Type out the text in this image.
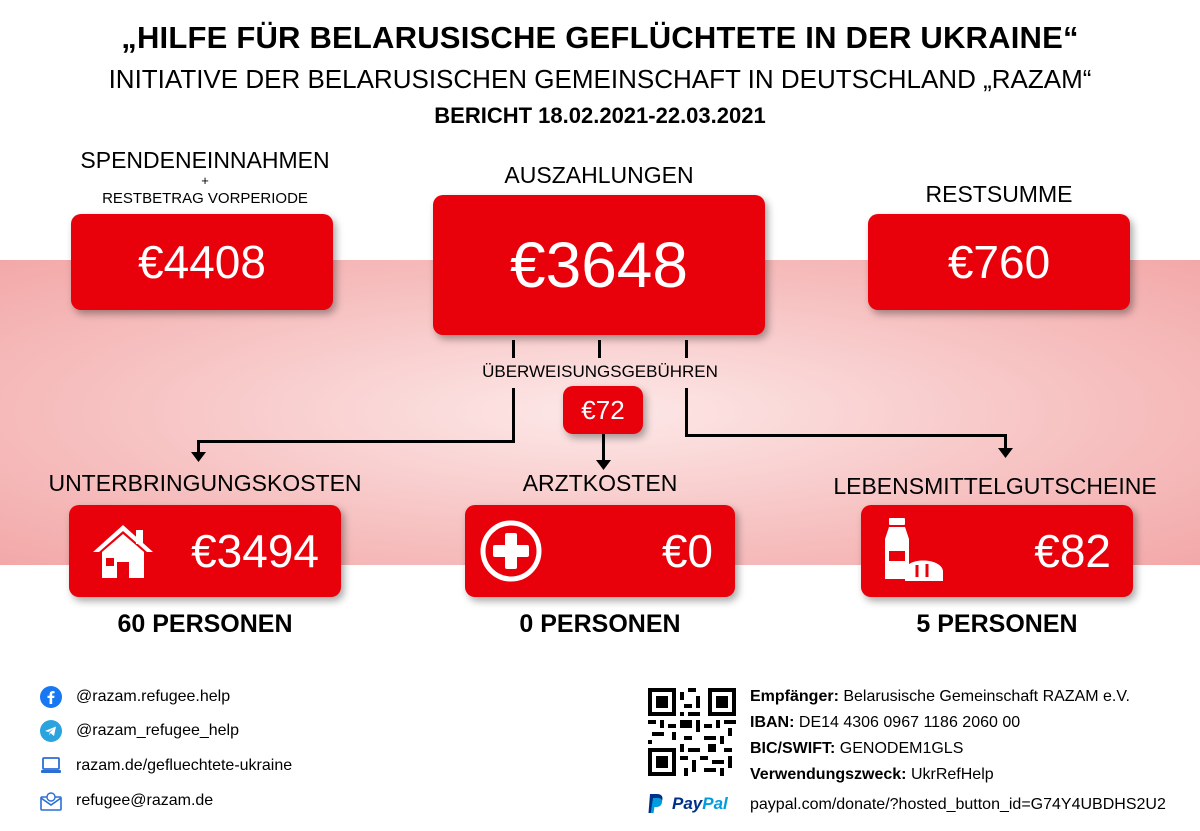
„HILFE FÜR BELARUSISCHE GEFLÜCHTETE IN DER UKRAINE“
INITIATIVE DER BELARUSISCHEN GEMEINSCHAFT IN DEUTSCHLAND „RAZAM“
BERICHT 18.02.2021-22.03.2021
SPENDENEINNAHMEN
+
RESTBETRAG VORPERIODE
€4408
AUSZAHLUNGEN
€3648
RESTSUMME
€760
ÜBERWEISUNGSGEBÜHREN
€72
UNTERBRINGUNGSKOSTEN
€3494
60 PERSONEN
ARZTKOSTEN
€0
0 PERSONEN
LEBENSMITTELGUTSCHEINE
€82
5 PERSONEN
@razam.refugee.help
@razam_refugee_help
razam.de/gefluechtete-ukraine
refugee@razam.de	PayPal
Empfänger: Belarusische Gemeinschaft RAZAM e.V.
IBAN: DE14 4306 0967 1186 2060 00
BIC/SWIFT: GENODEM1GLS
Verwendungszweck: UkrRefHelp
paypal.com/donate/?hosted_button_id=G74Y4UBDHS2U2
